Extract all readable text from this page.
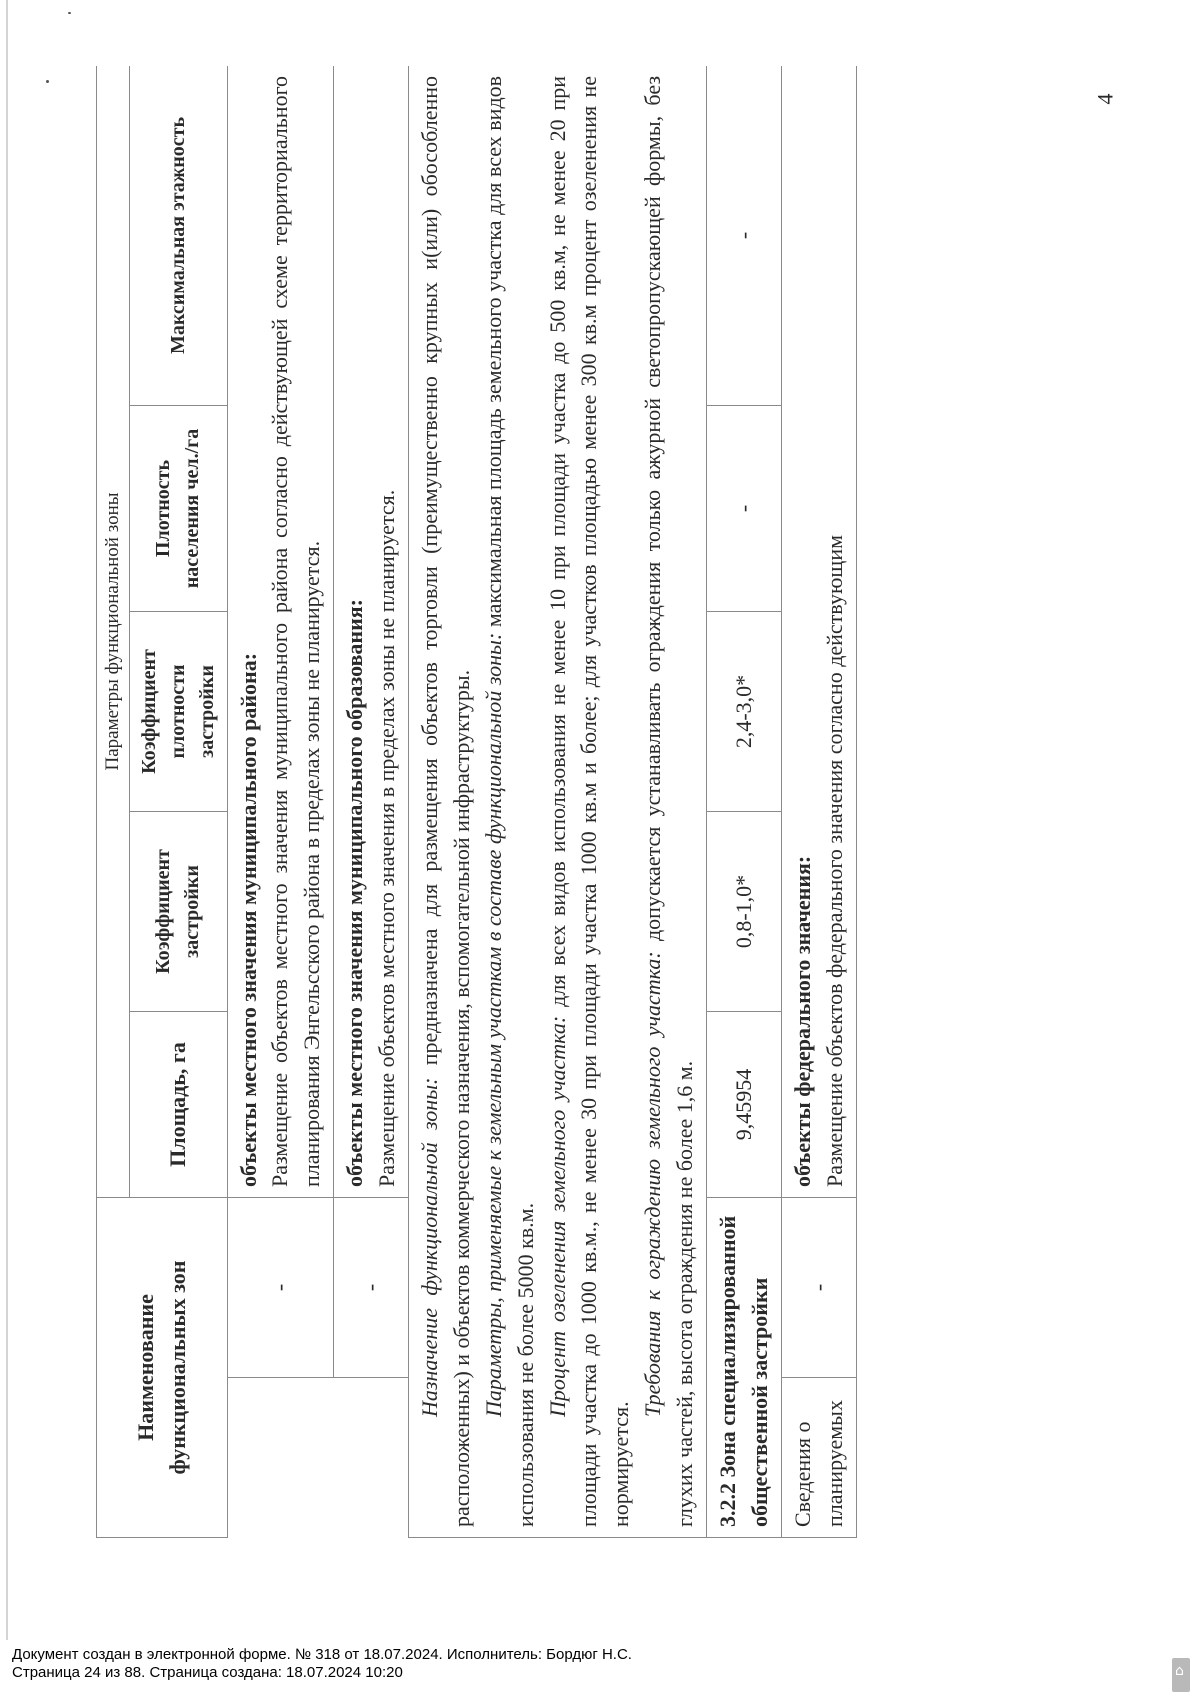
Наименование функциональных зон		Параметры функциональной зоны				
		Площадь, га	Коэффициент застройки	Коэффициент плотности застройки	Плотность населения чел./га	Максимальная этажность
	-	объекты местного значения муниципального района: Размещение объектов местного значения муниципального района согласно действующей схеме территориального планирования Энгельсского района в пределах зоны не планируется.				

	-	объекты местного значения муниципального образования: Размещение объектов местного значения в пределах зоны не планируется.				

Назначение функциональной зоны: предназначена для размещения объектов торговли (преимущественно крупных и(или) обособленно расположенных) и объектов коммерческого назначения, вспомогательной инфраструктуры. Параметры, применяемые к земельным участкам в составе функциональной зоны: максимальная площадь земельного участка для всех видов использования не более 5000 кв.м. Процент озеленения земельного участка: для всех видов использования не менее 10 при площади участка до 500 кв.м, не менее 20 при площади участка до 1000 кв.м., не менее 30 при площади участка 1000 кв.м и более; для участков площадью менее 300 кв.м процент озеленения не нормируется.

Требования к ограждению земельного участка: допускается устанавливать ограждения только ажурной светопропускающей формы, без глухих частей, высота ограждения не более 1,6 м.						

3.2.2 Зона специализированной общественной застройки		9,45954	0,8-1,0*	2,4-3,0*	-	-
Сведения о планируемых	-	объекты федерального значения: Размещение объектов федерального значения согласно действующим				
4
Документ создан в электронной форме. № 318 от 18.07.2024. Исполнитель: Бордюг Н.С.
Страница 24 из 88. Страница создана: 18.07.2024 10:20	⌂
